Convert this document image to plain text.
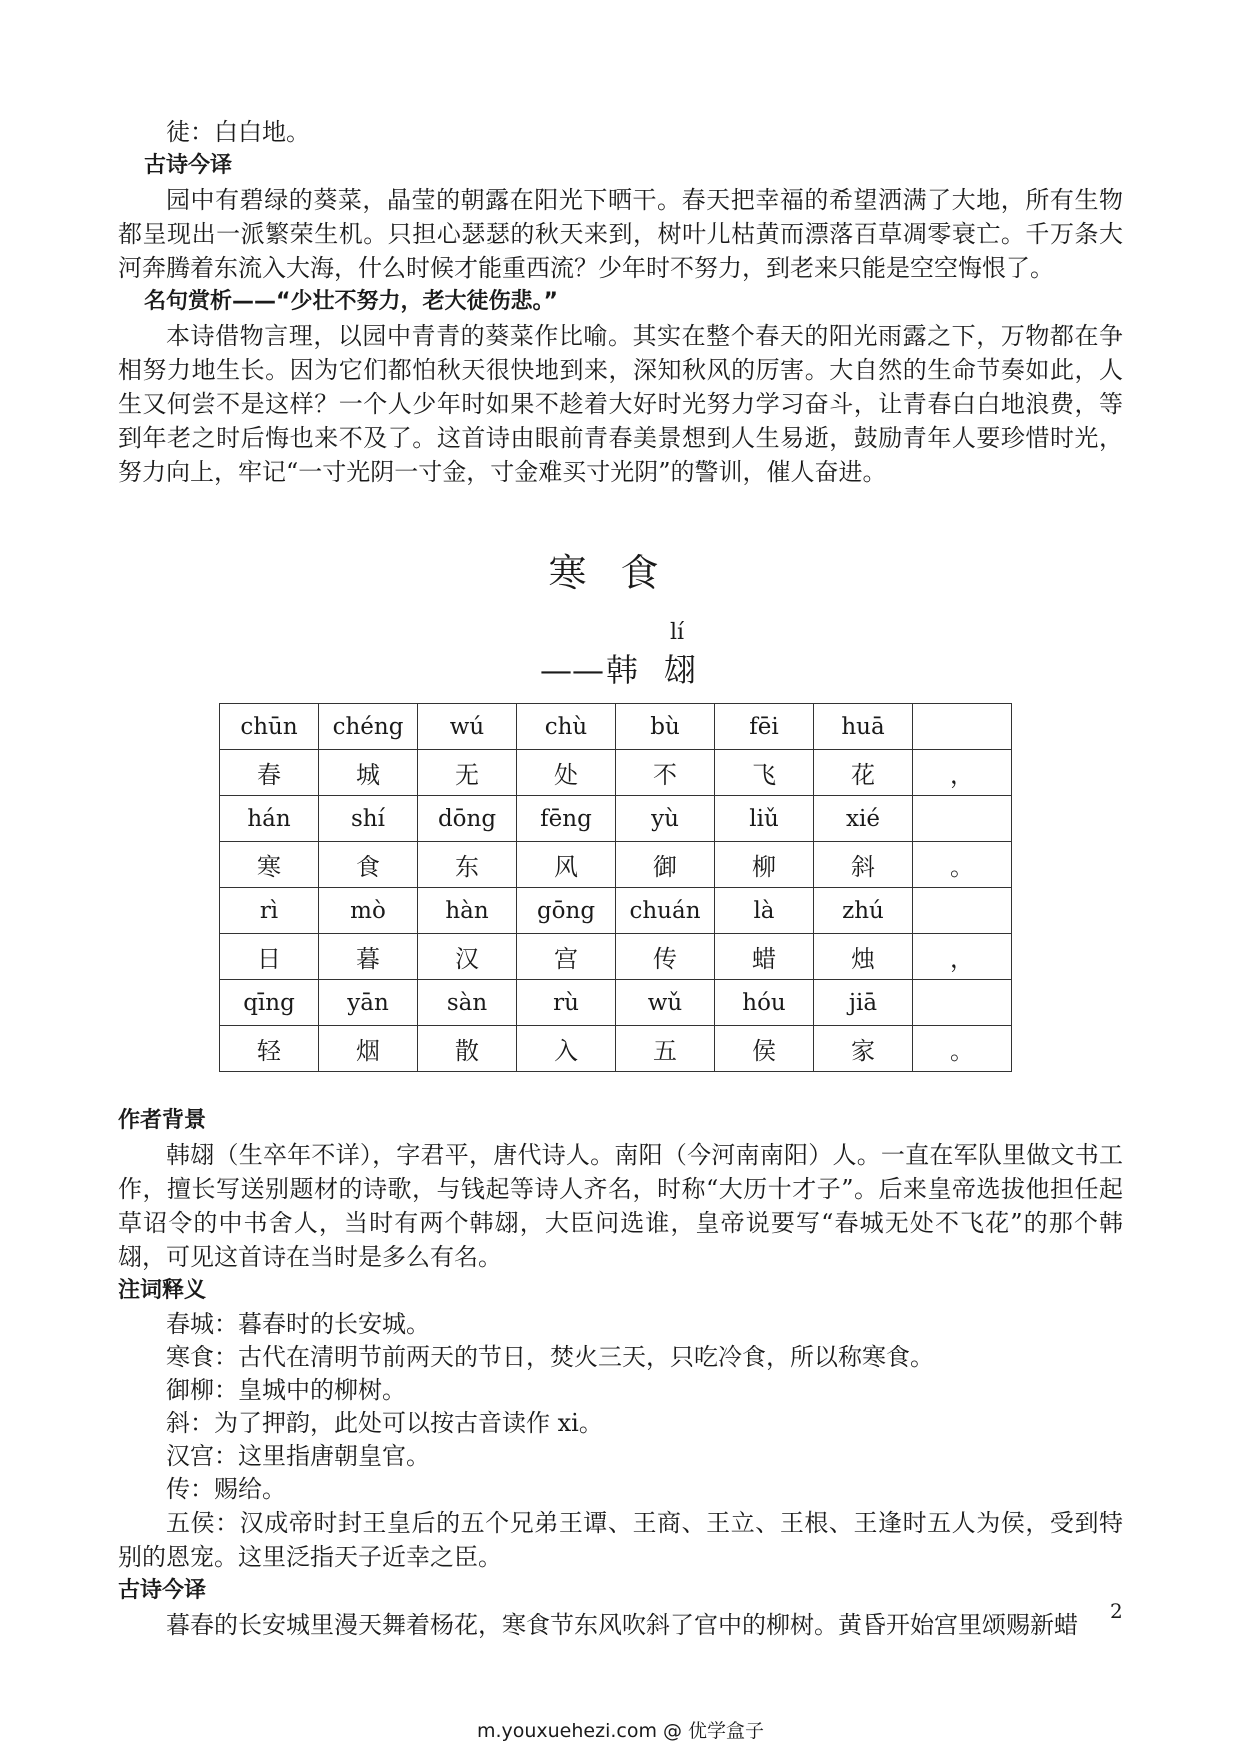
徒：白白地。

古诗今译

园中有碧绿的葵菜，晶莹的朝露在阳光下晒干。春天把幸福的希望洒满了大地，所有生物都呈现出一派繁荣生机。只担心瑟瑟的秋天来到，树叶儿枯黄而漂落百草凋零衰亡。千万条大河奔腾着东流入大海，什么时候才能重西流？少年时不努力，到老来只能是空空悔恨了。

名句赏析——“少壮不努力，老大徒伤悲。”

本诗借物言理，以园中青青的葵菜作比喻。其实在整个春天的阳光雨露之下，万物都在争相努力地生长。因为它们都怕秋天很快地到来，深知秋风的厉害。大自然的生命节奏如此，人生又何尝不是这样？一个人少年时如果不趁着大好时光努力学习奋斗，让青春白白地浪费，等到年老之时后悔也来不及了。这首诗由眼前青春美景想到人生易逝，鼓励青年人要珍惜时光，努力向上，牢记“一寸光阴一寸金，寸金难买寸光阴”的警训，催人奋进。

寒食
lí
—— 韩翃
chūn	chéng	wú	chù	bù	fēi	huā	
春	城	无	处	不	飞	花	，
hán	shí	dōng	fēng	yù	liǔ	xié	
寒	食	东	风	御	柳	斜	。
rì	mò	hàn	gōng	chuán	là	zhú	
日	暮	汉	宫	传	蜡	烛	，
qīng	yān	sàn	rù	wǔ	hóu	jiā	
轻	烟	散	入	五	侯	家	。

作者背景

韩翃（生卒年不详），字君平，唐代诗人。南阳（今河南南阳）人。一直在军队里做文书工作，擅长写送别题材的诗歌，与钱起等诗人齐名，时称“大历十才子”。后来皇帝选拔他担任起草诏令的中书舍人，当时有两个韩翃，大臣问选谁，皇帝说要写“春城无处不飞花”的那个韩翃，可见这首诗在当时是多么有名。

注词释义

春城：暮春时的长安城。

寒食：古代在清明节前两天的节日，焚火三天，只吃冷食，所以称寒食。

御柳：皇城中的柳树。

斜：为了押韵，此处可以按古音读作 xi。

汉宫：这里指唐朝皇官。

传：赐给。

五侯：汉成帝时封王皇后的五个兄弟王谭、王商、王立、王根、王逢时五人为侯，受到特别的恩宠。这里泛指天子近幸之臣。

古诗今译

暮春的长安城里漫天舞着杨花，寒食节东风吹斜了官中的柳树。黄昏开始宫里颂赐新蜡	2
m.youxuehezi.com @ 优学盒子
